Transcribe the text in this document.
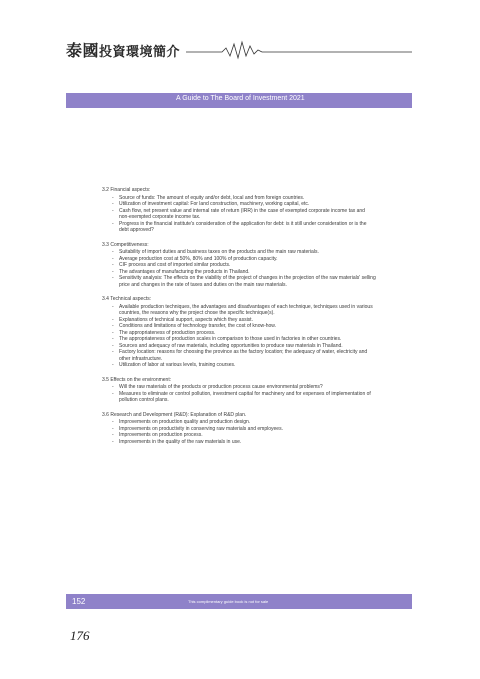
泰國投資環境簡介
A Guide to The Board of Investment 2021
3.2 Financial aspects:
- Source of funds: The amount of equity and/or debt, local and from foreign countries.
- Utilization of investment capital: For land construction, machinery, working capital, etc.
- Cash flow, net present value and internal rate of return (IRR) in the case of exempted corporate income tax and non-exempted corporate income tax.
- Progress in the financial institute's consideration of the application for debt: is it still under consideration or is the debt approved?
3.3 Competitiveness:
- Suitability of import duties and business taxes on the products and the main raw materials.
- Average production cost at 50%, 80% and 100% of production capacity.
- CIF process and cost of imported similar products.
- The advantages of manufacturing the products in Thailand.
- Sensitivity analysis: The effects on the viability of the project of changes in the projection of the raw materials' selling price and changes in the rate of taxes and duties on the main raw materials.
3.4 Technical aspects:
- Available production techniques, the advantages and disadvantages of each technique, techniques used in various countries, the reasons why the project chose the specific technique(s).
- Explanations of technical support, aspects which they assist.
- Conditions and limitations of technology transfer, the cost of know-how.
- The appropriateness of production process.
- The appropriateness of production scales in comparison to those used in factories in other countries.
- Sources and adequacy of raw materials, including opportunities to produce raw materials in Thailand.
- Factory location: reasons for choosing the province as the factory location; the adequacy of water, electricity and other infrastructure.
- Utilization of labor at various levels, training courses.
3.5 Effects on the environment:
- Will the raw materials of the products or production process cause environmental problems?
- Measures to eliminate or control pollution, investment capital for machinery and for expenses of implementation of pollution control plans.
3.6 Research and Development (R&D): Explanation of R&D plan.
- Improvements on production quality and production design.
- Improvements on productivity in conserving raw materials and employees.
- Improvements on production process.
- Improvements in the quality of the raw materials in use.
152	This complimentary guide book is not for sale
176
